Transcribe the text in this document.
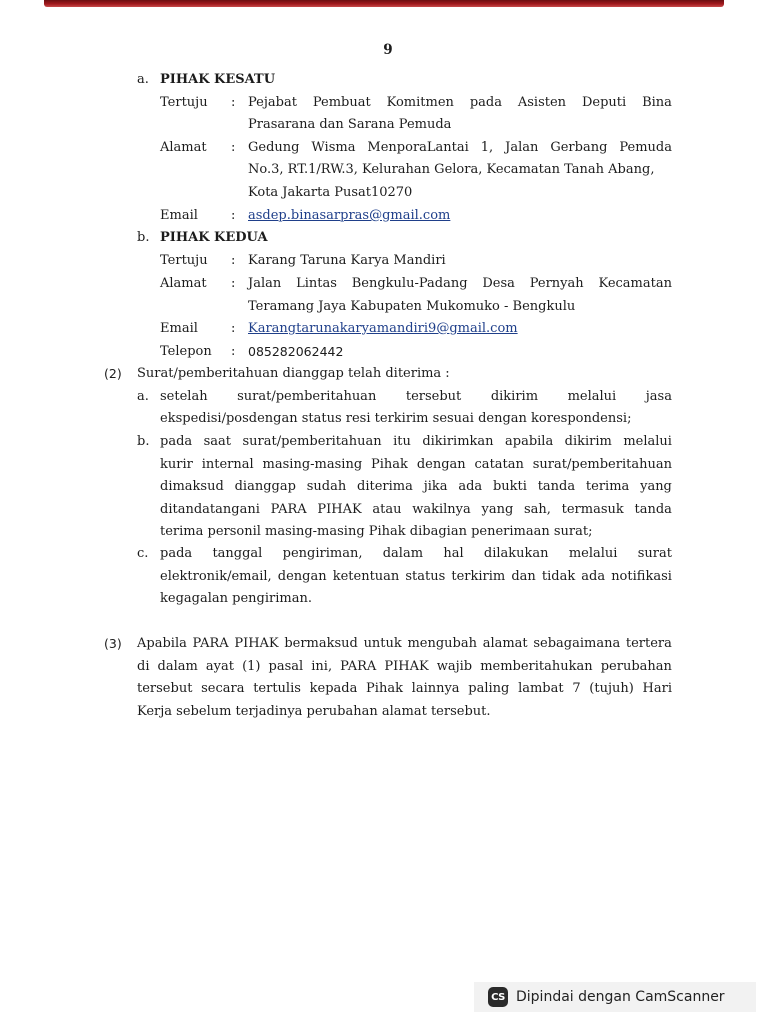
9
a. PIHAK KESATU
Tertuju : Pejabat Pembuat Komitmen pada Asisten Deputi Bina
Prasarana dan Sarana Pemuda
Alamat : Gedung Wisma MenporaLantai 1, Jalan Gerbang Pemuda
No.3, RT.1/RW.3, Kelurahan Gelora, Kecamatan Tanah Abang,
Kota Jakarta Pusat10270
Email	: asdep.binasarpras@gmail.com
b. PIHAK KEDUA
Tertuju : Karang Taruna Karya Mandiri
Alamat : Jalan Lintas Bengkulu-Padang Desa Pernyah Kecamatan
Teramang Jaya Kabupaten Mukomuko - Bengkulu
Email	: Karangtarunakaryamandiri9@gmail.com
Telepon : 085282062442
(2) Surat/pemberitahuan dianggap telah diterima :
a. setelah surat/pemberitahuan tersebut dikirim melalui jasa
ekspedisi/posdengan status resi terkirim sesuai dengan korespondensi;
b. pada saat surat/pemberitahuan itu dikirimkan apabila dikirim melalui
kurir internal masing-masing Pihak dengan catatan surat/pemberitahuan
dimaksud dianggap sudah diterima jika ada bukti tanda terima yang
ditandatangani PARA PIHAK atau wakilnya yang sah, termasuk tanda
terima personil masing-masing Pihak dibagian penerimaan surat;
c. pada tanggal pengiriman, dalam hal dilakukan melalui surat
elektronik/email, dengan ketentuan status terkirim dan tidak ada notifikasi
kegagalan pengiriman.
(3) Apabila PARA PIHAK bermaksud untuk mengubah alamat sebagaimana tertera
di dalam ayat (1) pasal ini, PARA PIHAK wajib memberitahukan perubahan
tersebut secara tertulis kepada Pihak lainnya paling lambat 7 (tujuh) Hari
Kerja sebelum terjadinya perubahan alamat tersebut.
CS Dipindai dengan CamScanner
